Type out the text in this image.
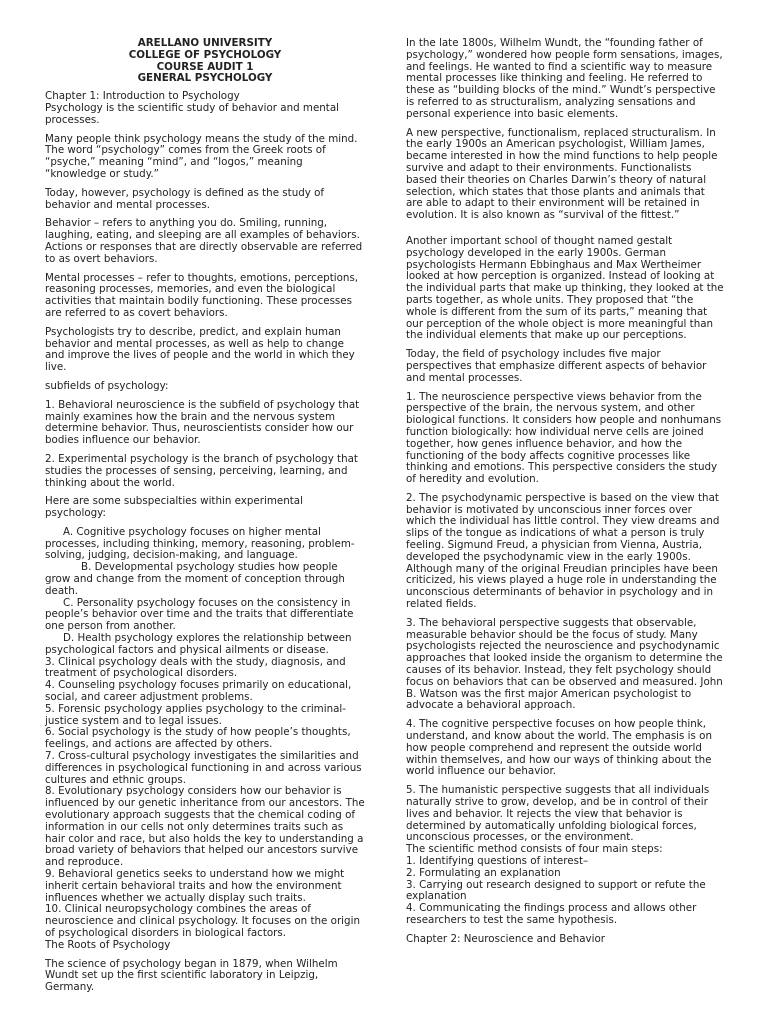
ARELLANO UNIVERSITY
COLLEGE OF PSYCHOLOGY
COURSE AUDIT 1
GENERAL PSYCHOLOGY
Chapter 1: Introduction to Psychology

Psychology is the scientific study of behavior and mental processes.

Many people think psychology means the study of the mind. The word “psychology” comes from the Greek roots of “psyche,” meaning “mind”, and “logos,” meaning “knowledge or study.”

Today, however, psychology is defined as the study of behavior and mental processes.

Behavior – refers to anything you do. Smiling, running, laughing, eating, and sleeping are all examples of behaviors. Actions or responses that are directly observable are referred to as overt behaviors.

Mental processes – refer to thoughts, emotions, perceptions, reasoning processes, memories, and even the biological activities that maintain bodily functioning. These processes are referred to as covert behaviors.

Psychologists try to describe, predict, and explain human behavior and mental processes, as well as help to change and improve the lives of people and the world in which they live.

subfields of psychology:

1. Behavioral neuroscience is the subfield of psychology that mainly examines how the brain and the nervous system determine behavior. Thus, neuroscientists consider how our bodies influence our behavior.

2. Experimental psychology is the branch of psychology that studies the processes of sensing, perceiving, learning, and thinking about the world.

Here are some subspecialties within experimental psychology:

A. Cognitive psychology focuses on higher mental processes, including thinking, memory, reasoning, problem-solving, judging, decision-making, and language.
B. Developmental psychology studies how people grow and change from the moment of conception through death.
C. Personality psychology focuses on the consistency in people’s behavior over time and the traits that differentiate one person from another.
D. Health psychology explores the relationship between psychological factors and physical ailments or disease.
3. Clinical psychology deals with the study, diagnosis, and treatment of psychological disorders.
4. Counseling psychology focuses primarily on educational, social, and career adjustment problems.
5. Forensic psychology applies psychology to the criminal-justice system and to legal issues.
6. Social psychology is the study of how people’s thoughts, feelings, and actions are affected by others.
7. Cross-cultural psychology investigates the similarities and differences in psychological functioning in and across various cultures and ethnic groups.
8. Evolutionary psychology considers how our behavior is influenced by our genetic inheritance from our ancestors. The evolutionary approach suggests that the chemical coding of information in our cells not only determines traits such as hair color and race, but also holds the key to understanding a broad variety of behaviors that helped our ancestors survive and reproduce.
9. Behavioral genetics seeks to understand how we might inherit certain behavioral traits and how the environment influences whether we actually display such traits.
10. Clinical neuropsychology combines the areas of neuroscience and clinical psychology. It focuses on the origin of psychological disorders in biological factors.
The Roots of Psychology

The science of psychology began in 1879, when Wilhelm Wundt set up the first scientific laboratory in Leipzig, Germany.

In the late 1800s, Wilhelm Wundt, the “founding father of psychology,” wondered how people form sensations, images, and feelings. He wanted to find a scientific way to measure mental processes like thinking and feeling. He referred to these as “building blocks of the mind.” Wundt’s perspective is referred to as structuralism, analyzing sensations and personal experience into basic elements.

A new perspective, functionalism, replaced structuralism. In the early 1900s an American psychologist, William James, became interested in how the mind functions to help people survive and adapt to their environments. Functionalists based their theories on Charles Darwin’s theory of natural selection, which states that those plants and animals that are able to adapt to their environment will be retained in evolution. It is also known as “survival of the fittest.”

Another important school of thought named gestalt psychology developed in the early 1900s. German psychologists Hermann Ebbinghaus and Max Wertheimer looked at how perception is organized. Instead of looking at the individual parts that make up thinking, they looked at the parts together, as whole units. They proposed that “the whole is different from the sum of its parts,” meaning that our perception of the whole object is more meaningful than the individual elements that make up our perceptions.

Today, the field of psychology includes five major perspectives that emphasize different aspects of behavior and mental processes.

1. The neuroscience perspective views behavior from the perspective of the brain, the nervous system, and other biological functions. It considers how people and nonhumans function biologically: how individual nerve cells are joined together, how genes influence behavior, and how the functioning of the body affects cognitive processes like thinking and emotions. This perspective considers the study of heredity and evolution.

2. The psychodynamic perspective is based on the view that behavior is motivated by unconscious inner forces over which the individual has little control. They view dreams and slips of the tongue as indications of what a person is truly feeling. Sigmund Freud, a physician from Vienna, Austria, developed the psychodynamic view in the early 1900s. Although many of the original Freudian principles have been criticized, his views played a huge role in understanding the unconscious determinants of behavior in psychology and in related fields.

3. The behavioral perspective suggests that observable, measurable behavior should be the focus of study. Many psychologists rejected the neuroscience and psychodynamic approaches that looked inside the organism to determine the causes of its behavior. Instead, they felt psychology should focus on behaviors that can be observed and measured. John B. Watson was the first major American psychologist to advocate a behavioral approach.

4. The cognitive perspective focuses on how people think, understand, and know about the world. The emphasis is on how people comprehend and represent the outside world within themselves, and how our ways of thinking about the world influence our behavior.

5. The humanistic perspective suggests that all individuals naturally strive to grow, develop, and be in control of their lives and behavior. It rejects the view that behavior is determined by automatically unfolding biological forces, unconscious processes, or the environment.
The scientific method consists of four main steps:
1. Identifying questions of interest–
2. Formulating an explanation
3. Carrying out research designed to support or refute the explanation
4. Communicating the findings process and allows other researchers to test the same hypothesis.
Chapter 2: Neuroscience and Behavior
